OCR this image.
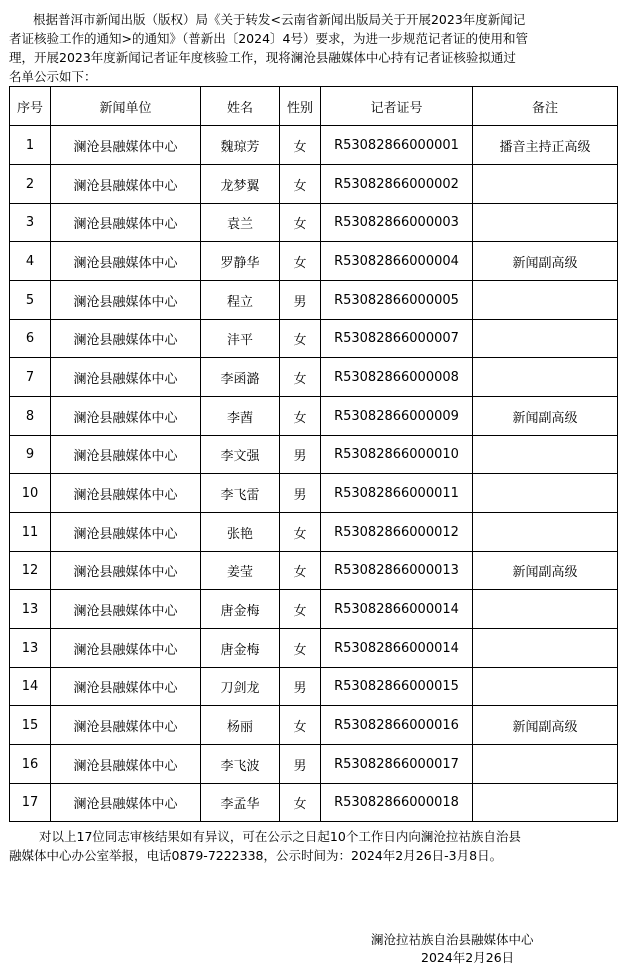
根据普洱市新闻出版（版权）局《关于转发<云南省新闻出版局关于开展2023年度新闻记
者证核验工作的通知>的通知》（普新出〔2024〕4号）要求，为进一步规范记者证的使用和管
理，开展2023年度新闻记者证年度核验工作，现将澜沧县融媒体中心持有记者证核验拟通过
名单公示如下：

序号	新闻单位	姓名	性别	记者证号	备注
1	澜沧县融媒体中心	魏琼芳	女	R53082866000001	播音主持正高级
2	澜沧县融媒体中心	龙梦翼	女	R53082866000002	
3	澜沧县融媒体中心	袁兰	女	R53082866000003	
4	澜沧县融媒体中心	罗静华	女	R53082866000004	新闻副高级
5	澜沧县融媒体中心	程立	男	R53082866000005	
6	澜沧县融媒体中心	沣平	女	R53082866000007	
7	澜沧县融媒体中心	李函潞	女	R53082866000008	
8	澜沧县融媒体中心	李莤	女	R53082866000009	新闻副高级
9	澜沧县融媒体中心	李文强	男	R53082866000010	
10	澜沧县融媒体中心	李飞雷	男	R53082866000011	
11	澜沧县融媒体中心	张艳	女	R53082866000012	
12	澜沧县融媒体中心	姜莹	女	R53082866000013	新闻副高级
13	澜沧县融媒体中心	唐金梅	女	R53082866000014	
13	澜沧县融媒体中心	唐金梅	女	R53082866000014	
14	澜沧县融媒体中心	刀剑龙	男	R53082866000015	
15	澜沧县融媒体中心	杨丽	女	R53082866000016	新闻副高级
16	澜沧县融媒体中心	李飞波	男	R53082866000017	
17	澜沧县融媒体中心	李孟华	女	R53082866000018	

对以上17位同志审核结果如有异议，可在公示之日起10个工作日内向澜沧拉祜族自治县
融媒体中心办公室举报，电话0879-7222338，公示时间为：2024年2月26日-3月8日。

澜沧拉祜族自治县融媒体中心
2024年2月26日
